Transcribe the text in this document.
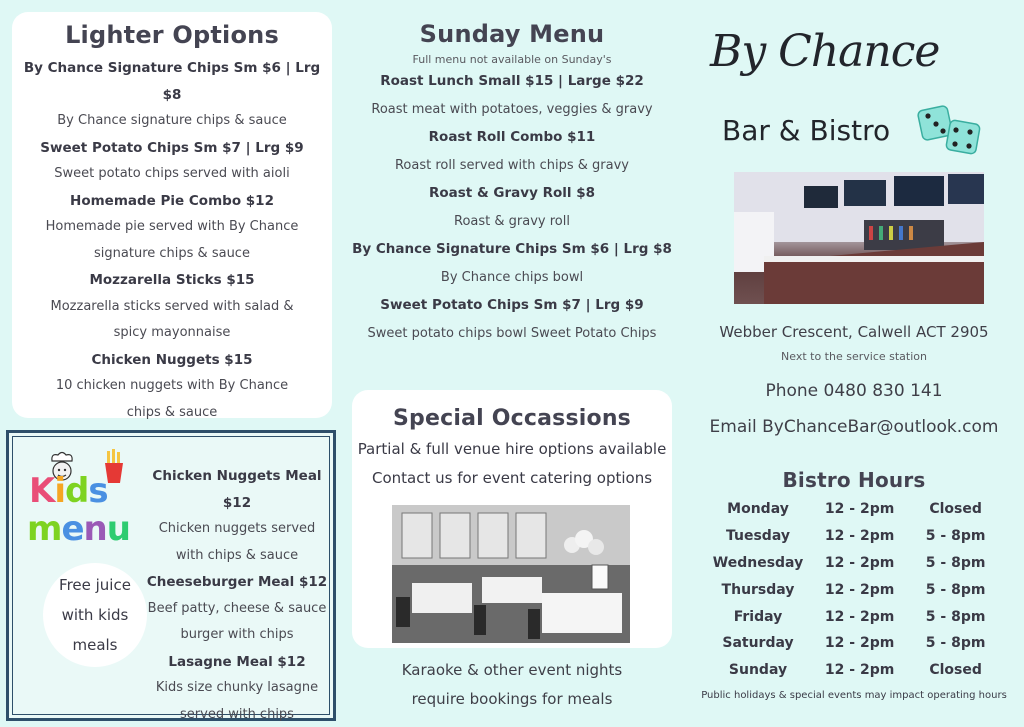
Lighter Options
By Chance Signature Chips Sm $6 | Lrg $8
By Chance signature chips & sauce
Sweet Potato Chips Sm $7 | Lrg $9
Sweet potato chips served with aioli
Homemade Pie Combo $12
Homemade pie served with By Chance signature chips & sauce
Mozzarella Sticks $15
Mozzarella sticks served with salad & spicy mayonnaise
Chicken Nuggets $15
10 chicken nuggets with By Chance chips & sauce
Sunday Menu
Full menu not available on Sunday's
Roast Lunch Small $15 | Large $22
Roast meat with potatoes, veggies & gravy
Roast Roll Combo $11
Roast roll served with chips & gravy
Roast & Gravy Roll $8
Roast & gravy roll
By Chance Signature Chips Sm $6 | Lrg $8
By Chance chips bowl
Sweet Potato Chips Sm $7 | Lrg $9
Sweet potato chips bowl Sweet Potato Chips
Kids
menu
Free juice with kids meals
Chicken Nuggets Meal $12
Chicken nuggets served with chips & sauce
Cheeseburger Meal $12
Beef patty, cheese & sauce burger with chips
Lasagne Meal $12
Kids size chunky lasagne served with chips
Special Occassions
Partial & full venue hire options available
Contact us for event catering options
Karaoke & other event nights
require bookings for meals
By Chance
Bar & Bistro
Webber Crescent, Calwell ACT 2905
Next to the service station
Phone 0480 830 141
Email ByChanceBar@outlook.com
Bistro Hours
Monday	12 - 2pm	Closed
Tuesday	12 - 2pm	5 - 8pm
Wednesday	12 - 2pm	5 - 8pm
Thursday	12 - 2pm	5 - 8pm
Friday	12 - 2pm	5 - 8pm
Saturday	12 - 2pm	5 - 8pm
Sunday	12 - 2pm	Closed
Public holidays & special events may impact operating hours
